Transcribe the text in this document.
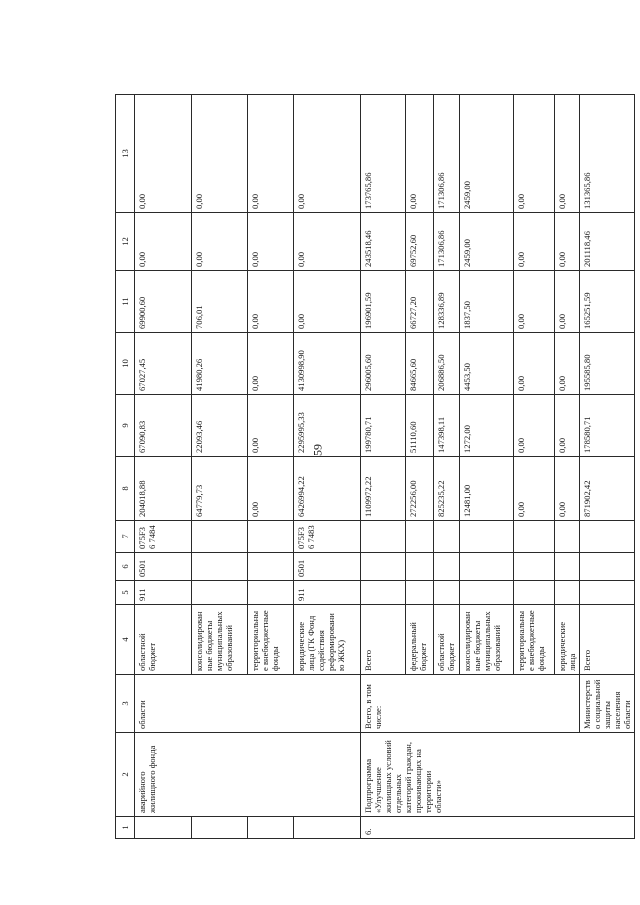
59
1	2	3	4	5	6	7	8	9	10	11	12	13
	аварийного жилищного фонда	области	областной бюджет	911	0501	075F36 7484	204018,88	67090,83	67027,45	69900,60	0,00	0,00
			консолидированные бюджеты муниципальных образований				64779,73	22093,46	41980,26	706,01	0,00	0,00
			территориальные внебюджетные фонды				0,00	0,00	0,00	0,00	0,00	0,00
			юридические лица (ГК Фонд содействия реформированию ЖКХ)	911	0501	075F36 7483	6426994,22	2295995,33	4130998,90	0,00	0,00	0,00
6.	Подпрограмма «Улучшение жилищных условий отдельных категорий граждан, проживающих на территории области»	Всего, в том числе:	Всего				1109972,22	199780,71	296005,60	196901,59	243518,46	173765,86
			федеральный бюджет				272256,00	51110,60	84665,60	66727,20	69752,60	0,00
			областной бюджет				825235,22	147398,11	206886,50	128336,89	171306,86	171306,86
			консолидированные бюджеты муниципальных образований				12481,00	1272,00	4453,50	1837,50	2459,00	2459,00
			территориальные внебюджетные фонды				0,00	0,00	0,00	0,00	0,00	0,00
			юридические лица				0,00	0,00	0,00	0,00	0,00	0,00
		Министерство социальной защиты населения области	Всего				871902,42	178580,71	195585,80	165251,59	201118,46	131365,86
